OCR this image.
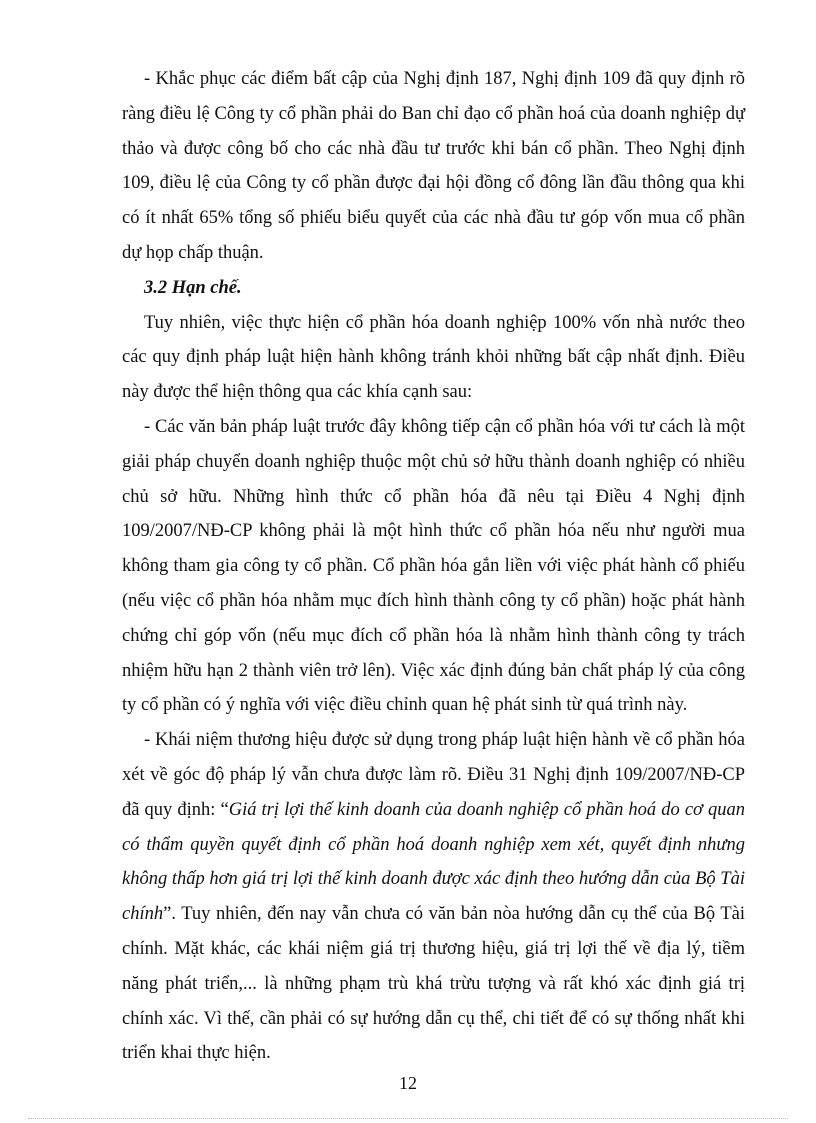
- Khắc phục các điểm bất cập của Nghị định 187, Nghị định 109 đã quy định rõ ràng điều lệ Công ty cổ phần phải do Ban chỉ đạo cổ phần hoá của doanh nghiệp dự thảo và được công bố cho các nhà đầu tư trước khi bán cổ phần. Theo Nghị định 109, điều lệ của Công ty cổ phần được đại hội đồng cổ đông lần đầu thông qua khi có ít nhất 65% tổng số phiếu biểu quyết của các nhà đầu tư góp vốn mua cổ phần dự họp chấp thuận.

3.2 Hạn chế.

Tuy nhiên, việc thực hiện cổ phần hóa doanh nghiệp 100% vốn nhà nước theo các quy định pháp luật hiện hành không tránh khỏi những bất cập nhất định. Điều này được thể hiện thông qua các khía cạnh sau:

- Các văn bản pháp luật trước đây không tiếp cận cổ phần hóa với tư cách là một giải pháp chuyển doanh nghiệp thuộc một chủ sở hữu thành doanh nghiệp có nhiều chủ sở hữu. Những hình thức cổ phần hóa đã nêu tại Điều 4 Nghị định 109/2007/NĐ-CP không phải là một hình thức cổ phần hóa nếu như người mua không tham gia công ty cổ phần. Cổ phần hóa gắn liền với việc phát hành cổ phiếu (nếu việc cổ phần hóa nhằm mục đích hình thành công ty cổ phần) hoặc phát hành chứng chỉ góp vốn (nếu mục đích cổ phần hóa là nhằm hình thành công ty trách nhiệm hữu hạn 2 thành viên trở lên). Việc xác định đúng bản chất pháp lý của công ty cổ phần có ý nghĩa với việc điều chỉnh quan hệ phát sinh từ quá trình này.

- Khái niệm thương hiệu được sử dụng trong pháp luật hiện hành về cổ phần hóa xét về góc độ pháp lý vẫn chưa được làm rõ. Điều 31 Nghị định 109/2007/NĐ-CP đã quy định: “Giá trị lợi thế kinh doanh của doanh nghiệp cổ phần hoá do cơ quan có thẩm quyền quyết định cổ phần hoá doanh nghiệp xem xét, quyết định nhưng không thấp hơn giá trị lợi thế kinh doanh được xác định theo hướng dẫn của Bộ Tài chính”. Tuy nhiên, đến nay vẫn chưa có văn bản nòa hướng dẫn cụ thể của Bộ Tài chính. Mặt khác, các khái niệm giá trị thương hiệu, giá trị lợi thế về địa lý, tiềm năng phát triển,... là những phạm trù khá trừu tượng và rất khó xác định giá trị chính xác. Vì thế, cần phải có sự hướng dẫn cụ thể, chi tiết để có sự thống nhất khi triển khai thực hiện.

12
